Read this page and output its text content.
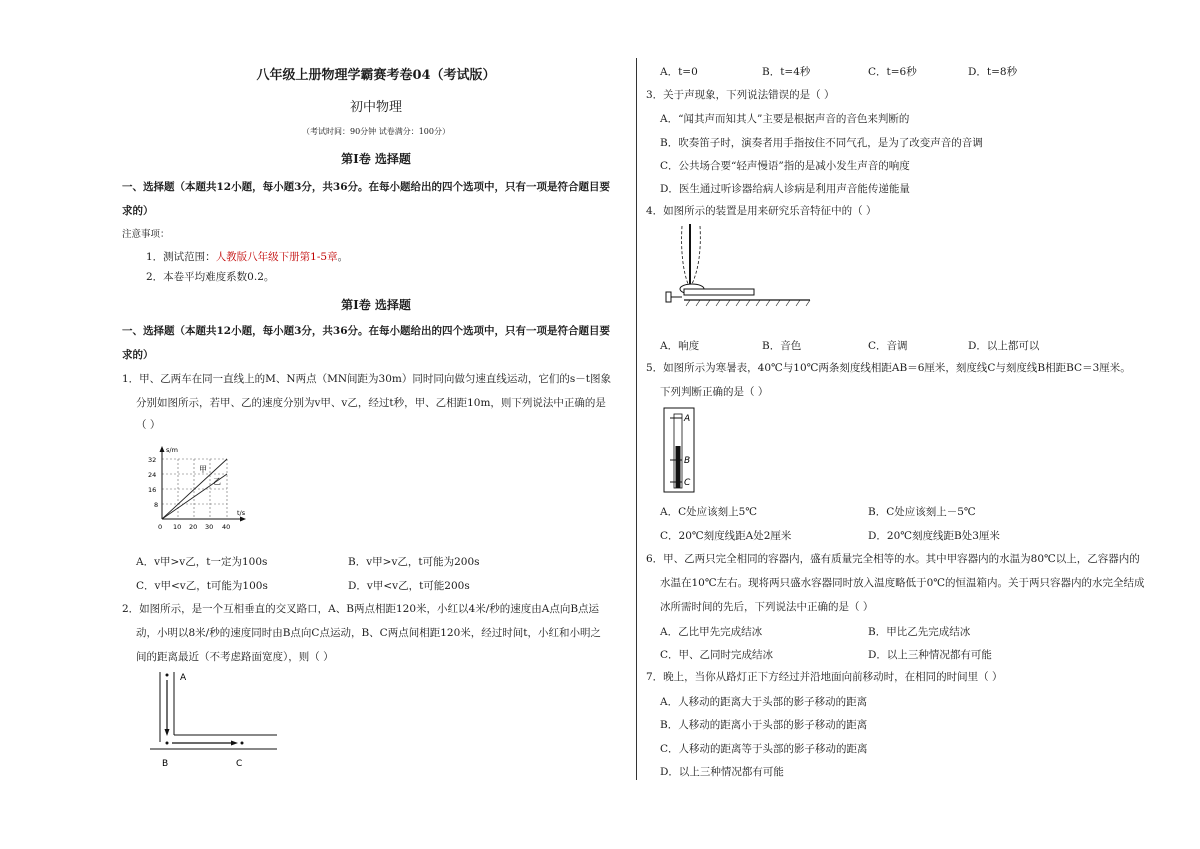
八年级上册物理学霸赛考卷04（考试版）
初中物理
（考试时间：90分钟 试卷满分：100分）
第Ⅰ卷 选择题
一、选择题（本题共12小题，每小题3分，共36分。在每小题给出的四个选项中，只有一项是符合题目要
求的）
注意事项：
1．测试范围：人教版八年级下册第1-5章。
2．本卷平均难度系数0.2。
第Ⅰ卷 选择题
一、选择题（本题共12小题，每小题3分，共36分。在每小题给出的四个选项中，只有一项是符合题目要
求的）
1．甲、乙两车在同一直线上的M、N两点（MN间距为30m）同时同向做匀速直线运动，它们的s－t图象
分别如图所示，若甲、乙的速度分别为v甲、v乙，经过t秒，甲、乙相距10m，则下列说法中正确的是
（ ）
甲
乙
s/m
t/s
32
24
16
8
0 10 20 30 40
A．v甲>v乙，t一定为100s	B．v甲>v乙，t可能为200s
C．v甲<v乙，t可能为100s	D．v甲<v乙，t可能200s
2．如图所示，是一个互相垂直的交叉路口，A、B两点相距120米，小红以4米/秒的速度由A点向B点运
动，小明以8米/秒的速度同时由B点向C点运动，B、C两点间相距120米，经过时间t，小红和小明之
间的距离最近（不考虑路面宽度），则（ ）
A
B	C
A．t=0	B．t=4秒	C．t=6秒	D．t=8秒
3．关于声现象，下列说法错误的是（ ）
A．“闻其声而知其人”主要是根据声音的音色来判断的
B．吹奏笛子时，演奏者用手指按住不同气孔，是为了改变声音的音调
C．公共场合要“轻声慢语”指的是减小发生声音的响度
D．医生通过听诊器给病人诊病是利用声音能传递能量
4．如图所示的装置是用来研究乐音特征中的（ ）
A．响度	B．音色	C．音调	D．以上都可以
5．如图所示为寒暑表，40℃与10℃两条刻度线相距AB＝6厘米，刻度线C与刻度线B相距BC＝3厘米。
下列判断正确的是（ ）
A
B
C
A．C处应该刻上5℃	B．C处应该刻上－5℃
C．20℃刻度线距A处2厘米	D．20℃刻度线距B处3厘米
6．甲、乙两只完全相同的容器内，盛有质量完全相等的水。其中甲容器内的水温为80℃以上，乙容器内的
水温在10℃左右。现将两只盛水容器同时放入温度略低于0℃的恒温箱内。关于两只容器内的水完全结成
冰所需时间的先后，下列说法中正确的是（ ）
A．乙比甲先完成结冰	B．甲比乙先完成结冰
C．甲、乙同时完成结冰	D．以上三种情况都有可能
7．晚上，当你从路灯正下方经过并沿地面向前移动时，在相同的时间里（ ）
A．人移动的距离大于头部的影子移动的距离
B．人移动的距离小于头部的影子移动的距离
C．人移动的距离等于头部的影子移动的距离
D．以上三种情况都有可能
